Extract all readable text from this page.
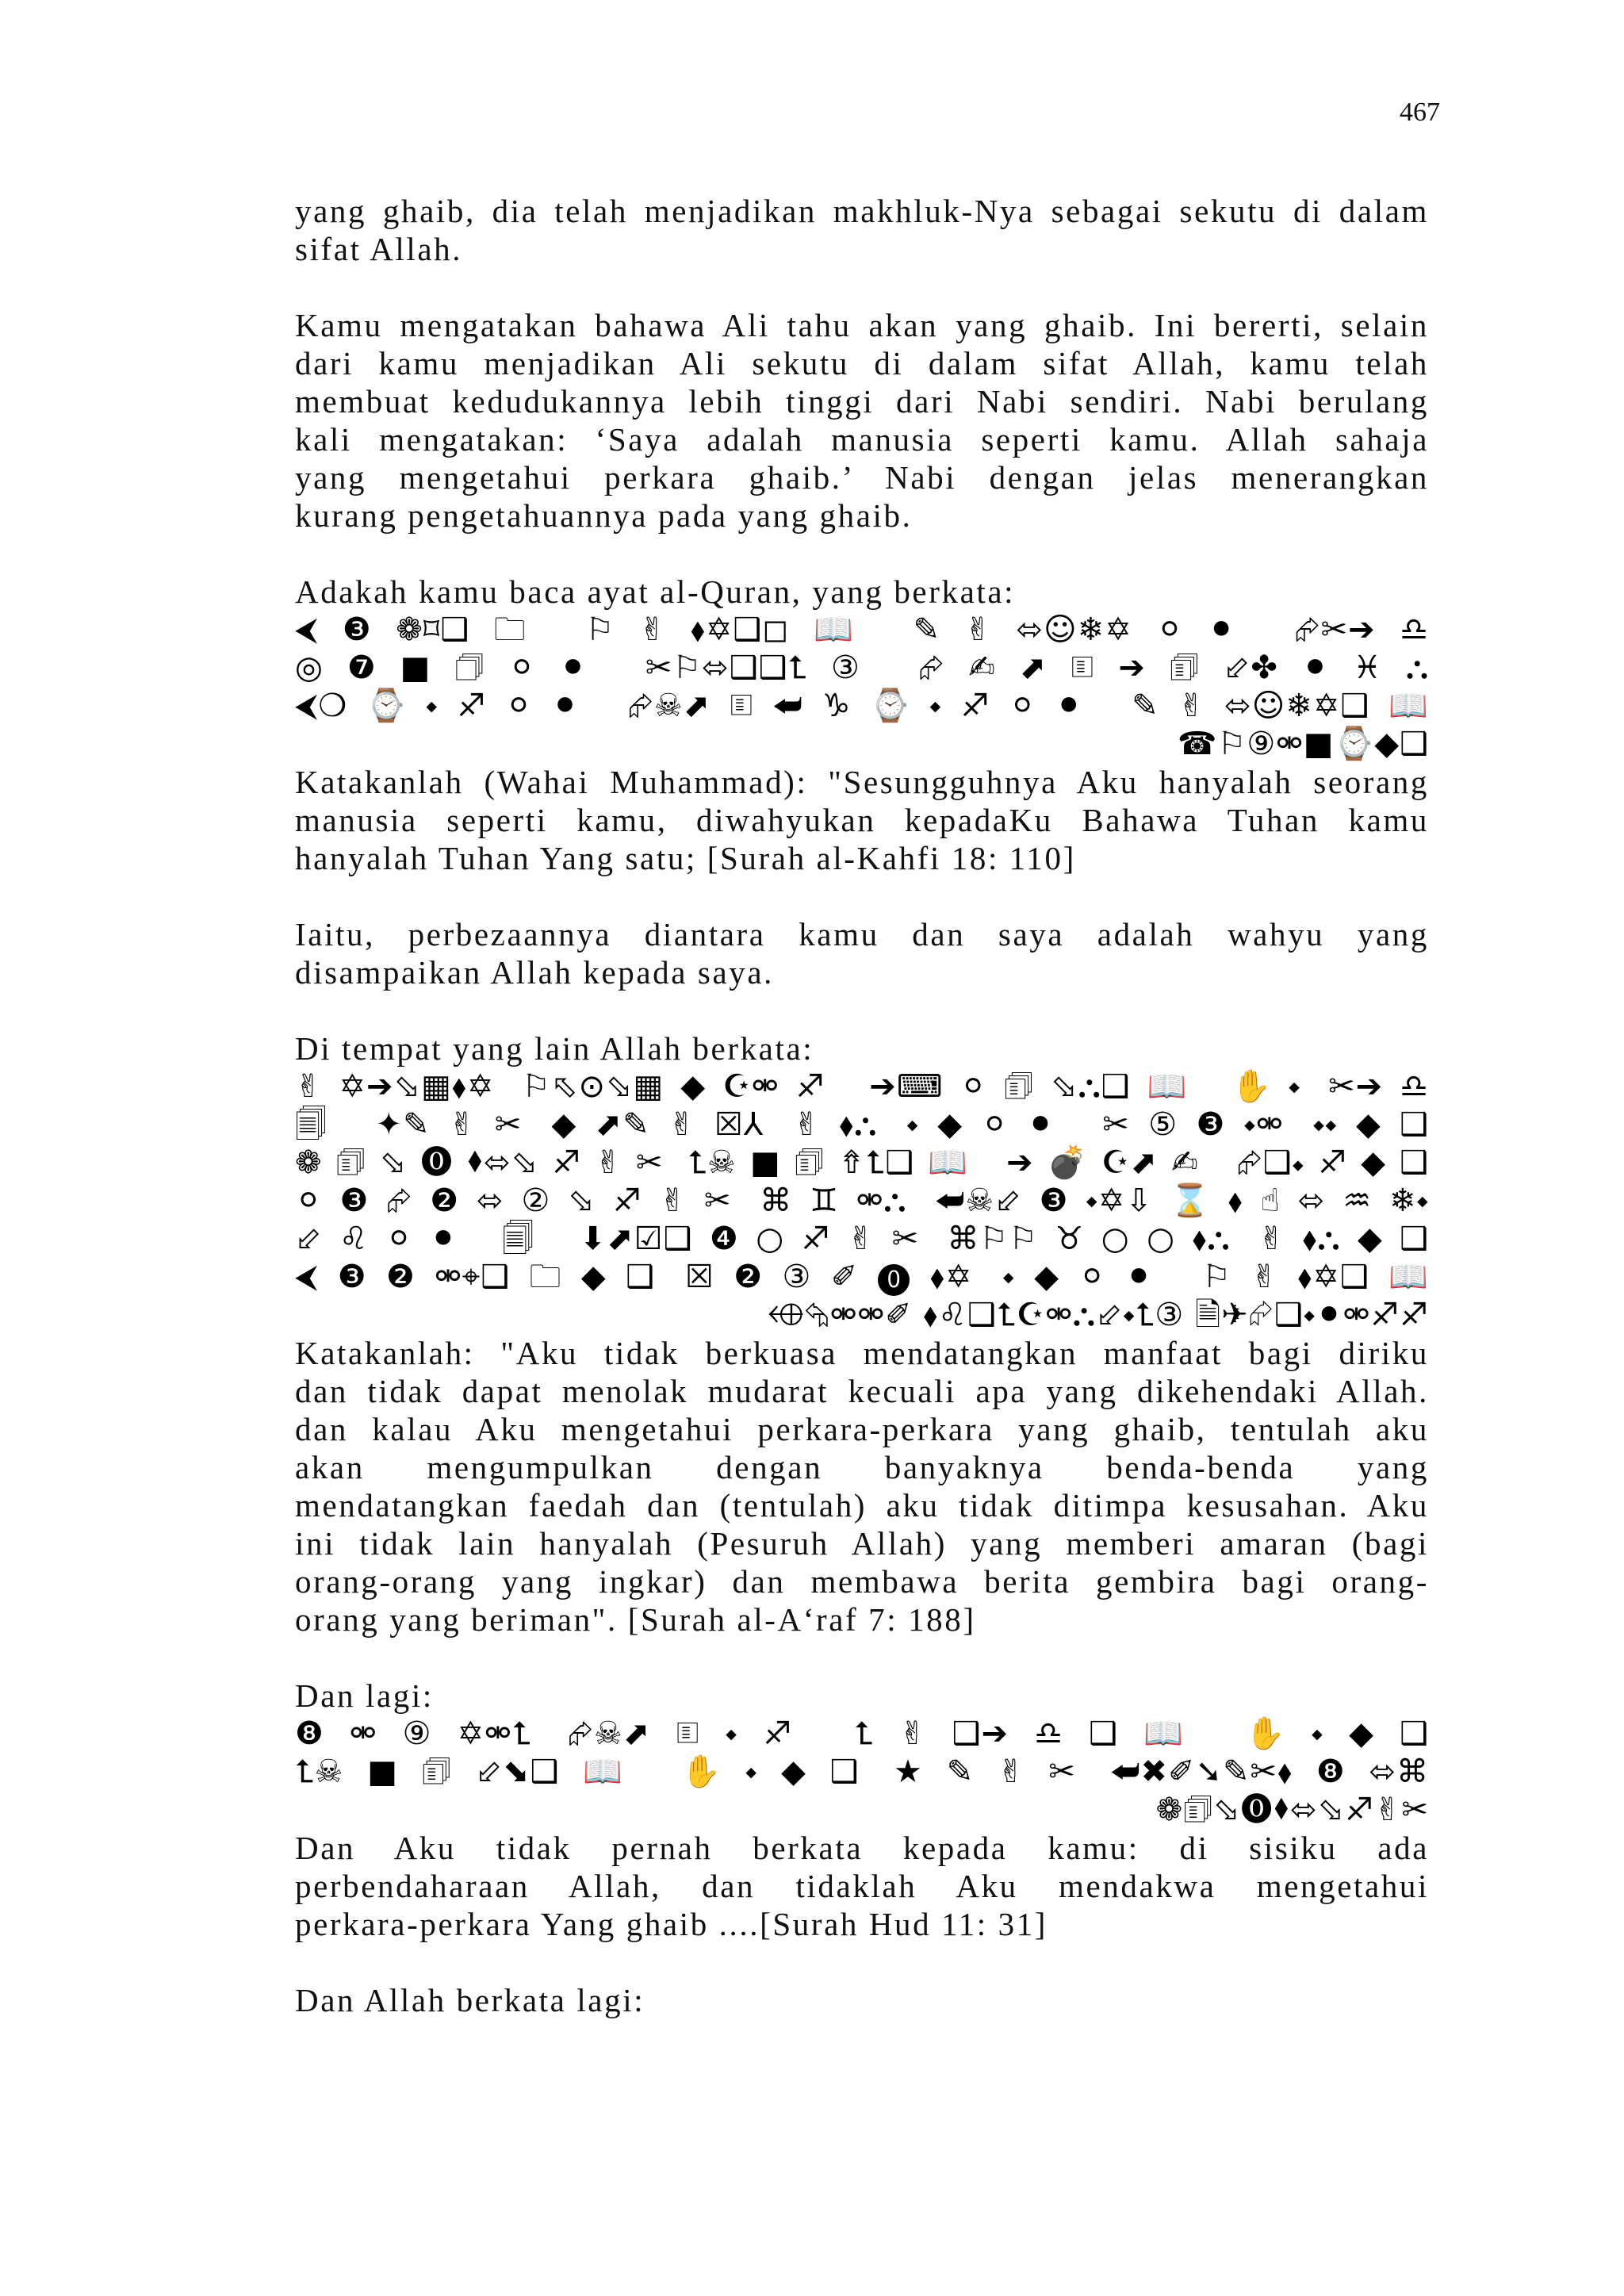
467
yang ghaib, dia telah menjadikan makhluk-Nya sebagai sekutu di dalam
sifat Allah.
Kamu mengatakan bahawa Ali tahu akan yang ghaib. Ini bererti, selain
dari kamu menjadikan Ali sekutu di dalam sifat Allah, kamu telah
membuat kedudukannya lebih tinggi dari Nabi sendiri. Nabi berulang
kali mengatakan: ‘Saya adalah manusia seperti kamu. Allah sahaja
yang mengetahui perkara ghaib.’ Nabi dengan jelas menerangkan
kurang pengetahuannya pada yang ghaib.
Adakah kamu baca ayat al-Quran, yang berkata:
⮜❸❁⌑❑🗀 ⚐✌⬧✡❑◻📖 ✎✌⬄☺❄✡⚪⚫ ⮳✂➔♎
◎❼■🗇⚪⚫ ✂⚐⬄❑❑⮤③ ⮳✍⬈🗉➔🗊⬃✤⚫♓⛬
⮜❍⌚⬩♐⚪⚫ ⮳☠⬈🗉⮨♑⌚⬩♐⚪⚫ ✎✌⬄☺❄✡❑📖
☎⚐⑨⚮■⌚◆❑
Katakanlah (Wahai Muhammad): "Sesungguhnya Aku hanyalah seorang
manusia seperti kamu, diwahyukan kepadaKu Bahawa Tuhan kamu
hanyalah Tuhan Yang satu; [Surah al-Kahfi 18: 110]
Iaitu, perbezaannya diantara kamu dan saya adalah wahyu yang
disampaikan Allah kepada saya.
Di tempat yang lain Allah berkata:
✌✡➔⬂▦⬧✡ ⚐⬁⊙⬂▦◆☪⚮♐ ➔⌨⚪🗊⬂⛬❑📖 ✋⬩ ✂➔♎
🗐 ✦✎✌✂ ◆⬈✎✌☒⅄ ✌⬧⛬ ⬩◆⚪⚫ ✂⑤❸⬩⚮ ⬩⬩◆❑
❁🗊⬂⓿⬧⬄⬂♐✌✂ ⮤☠■🗊⇮⮤❑📖 ➔💣☪⬈✍ ⮳❑⬩♐◆❑
⚪❸⮳❷⬄②⬂♐✌✂ ⌘♊⚮⛬ ⮨☠⬃❸⬩✡⇩⌛⬧☝⬄♒❄⬩
⬃♌⚪⚫ 🗐 ⬇⬈☑❑❹○♐✌✂ ⌘⚐⚐♉○○⬧⛬ ✌⬧⛬◆❑
⮜❸❷⚮⌖❑🗀◆❑ ☒❷③✐⓿⬧✡ ⬩◆⚪⚫ ⚐✌⬧✡❑📖
⬲⮲⚮⚮✐ ⬧♌❑⮤☪⚮⛬⬃⬩⮤③ 🗎✈⮳❑⬩⚫⚮♐♐
Katakanlah: "Aku tidak berkuasa mendatangkan manfaat bagi diriku
dan tidak dapat menolak mudarat kecuali apa yang dikehendaki Allah.
dan kalau Aku mengetahui perkara-perkara yang ghaib, tentulah aku
akan mengumpulkan dengan banyaknya benda-benda yang
mendatangkan faedah dan (tentulah) aku tidak ditimpa kesusahan. Aku
ini tidak lain hanyalah (Pesuruh Allah) yang memberi amaran (bagi
orang-orang yang ingkar) dan membawa berita gembira bagi orang-
orang yang beriman". [Surah al-A‘raf 7: 188]
Dan lagi:
❽⚮⑨✡⚮⮤ ⮳☠⬈🗉⬩♐ ⮤✌❑➔♎❑📖 ✋⬩◆❑
⮤☠■🗊⬃⬊❑📖 ✋⬩◆❑ ★✎✌✂ ⮨✖✐➘✎✂⬧❽⬄⌘
❁🗊⬂⓿⬧⬄⬂♐✌✂
Dan Aku tidak pernah berkata kepada kamu: di sisiku ada
perbendaharaan Allah, dan tidaklah Aku mendakwa mengetahui
perkara-perkara Yang ghaib ....[Surah Hud 11: 31]
Dan Allah berkata lagi:
